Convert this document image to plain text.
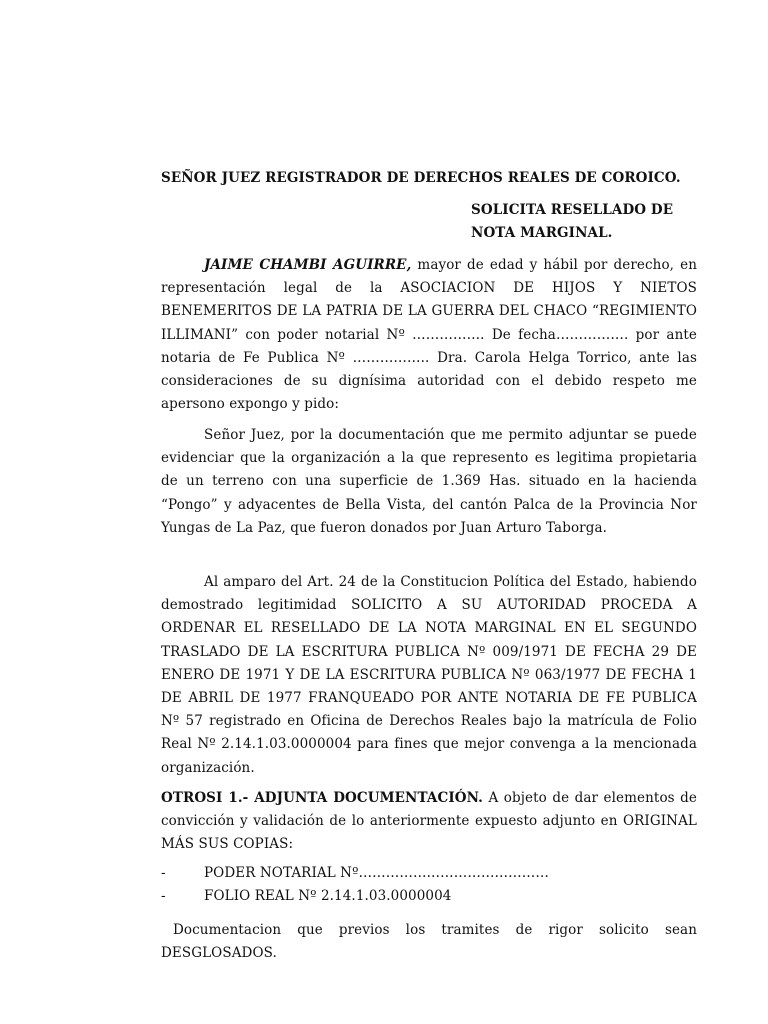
SEÑOR JUEZ REGISTRADOR DE DERECHOS REALES DE COROICO.
SOLICITA RESELLADO DE
NOTA MARGINAL.

JAIME CHAMBI AGUIRRE, mayor de edad y hábil por derecho, en representación legal de la ASOCIACION DE HIJOS Y NIETOS BENEMERITOS DE LA PATRIA DE LA GUERRA DEL CHACO “REGIMIENTO ILLIMANI” con poder notarial Nº ……………. De fecha……………. por ante notaria de Fe Publica Nº …………….. Dra. Carola Helga Torrico, ante las consideraciones de su dignísima autoridad con el debido respeto me apersono expongo y pido:

Señor Juez, por la documentación que me permito adjuntar se puede evidenciar que la organización a la que represento es legitima propietaria de un terreno con una superficie de 1.369 Has. situado en la hacienda “Pongo” y adyacentes de Bella Vista, del cantón Palca de la Provincia Nor Yungas de La Paz, que fueron donados por Juan Arturo Taborga.

Al amparo del Art. 24 de la Constitucion Política del Estado, habiendo demostrado legitimidad SOLICITO A SU AUTORIDAD PROCEDA A ORDENAR EL RESELLADO DE LA NOTA MARGINAL EN EL SEGUNDO TRASLADO DE LA ESCRITURA PUBLICA Nº 009/1971 DE FECHA 29 DE ENERO DE 1971 Y DE LA ESCRITURA PUBLICA Nº 063/1977 DE FECHA 1 DE ABRIL DE 1977 FRANQUEADO POR ANTE NOTARIA DE FE PUBLICA Nº 57 registrado en Oficina de Derechos Reales bajo la matrícula de Folio Real Nº 2.14.1.03.0000004 para fines que mejor convenga a la mencionada organización.

OTROSI 1.- ADJUNTA DOCUMENTACIÓN. A objeto de dar elementos de convicción y validación de lo anteriormente expuesto adjunto en ORIGINAL MÁS SUS COPIAS:

-	PODER NOTARIAL Nº……………………………………
-	FOLIO REAL Nº 2.14.1.03.0000004

Documentacion que previos los tramites de rigor solicito sean DESGLOSADOS.
